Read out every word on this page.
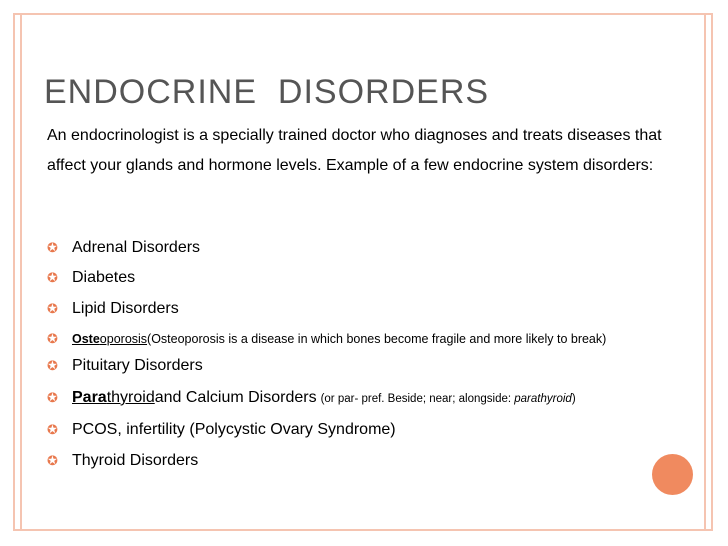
ENDOCRINE  DISORDERS

An endocrinologist is a specially trained doctor who diagnoses and treats diseases that affect your glands and hormone levels. Example of a few endocrine system disorders:

✪ Adrenal Disorders
✪ Diabetes
✪ Lipid Disorders
✪	Osteoporosis (Osteoporosis is a disease in which bones become fragile and more likely to break)
✪ Pituitary Disorders
✪ Parathyroid and Calcium Disorders (or par- pref. Beside; near; alongside: parathyroid)
✪ PCOS, infertility (Polycystic Ovary Syndrome)
✪ Thyroid Disorders
